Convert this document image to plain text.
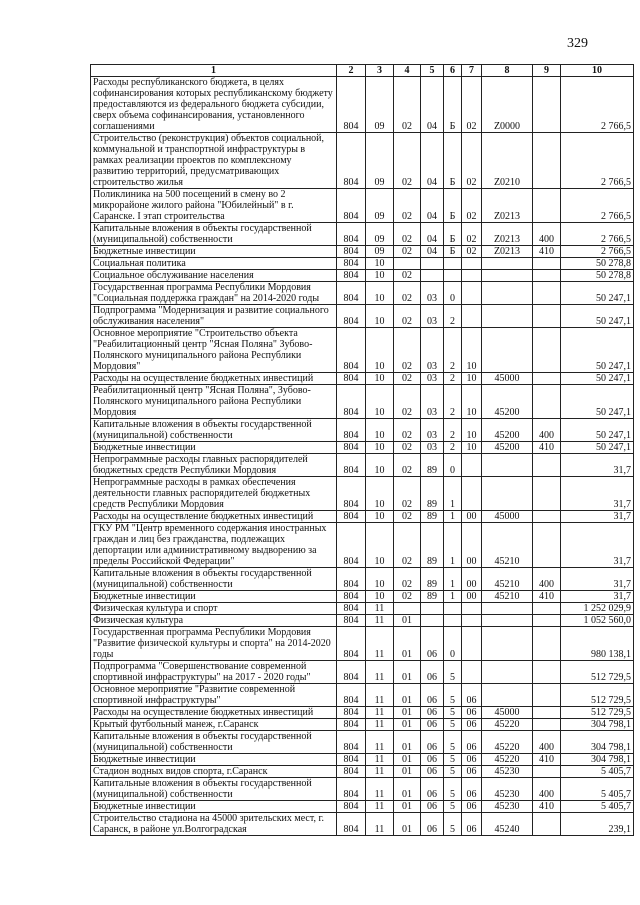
329
1	2	3	4	5	6	7	8	9	10
Расходы республиканского бюджета, в целях софинансирования которых республиканскому бюджету предоставляются из федерального бюджета субсидии, сверх объема софинансирования, установленного соглашениями	804	09	02	04	Б	02	Z0000		2 766,5
Строительство (реконструкция) объектов социальной, коммунальной и транспортной инфраструктуры в рамках реализации проектов по комплексному развитию территорий, предусматривающих строительство жилья	804	09	02	04	Б	02	Z0210		2 766,5
Поликлиника на 500 посещений в смену во 2 микрорайоне жилого района "Юбилейный" в г. Саранске. I этап строительства	804	09	02	04	Б	02	Z0213		2 766,5
Капитальные вложения в объекты государственной (муниципальной) собственности	804	09	02	04	Б	02	Z0213	400	2 766,5
Бюджетные инвестиции	804	09	02	04	Б	02	Z0213	410	2 766,5
Социальная политика	804	10							50 278,8
Социальное обслуживание населения	804	10	02						50 278,8
Государственная программа Республики Мордовия "Социальная поддержка граждан" на 2014-2020 годы	804	10	02	03	0				50 247,1
Подпрограмма "Модернизация и развитие социального обслуживания населения"	804	10	02	03	2				50 247,1
Основное мероприятие "Строительство объекта "Реабилитационный центр "Ясная Поляна" Зубово-Полянского муниципального района Республики Мордовия"	804	10	02	03	2	10			50 247,1
Расходы на осуществление бюджетных инвестиций	804	10	02	03	2	10	45000		50 247,1
Реабилитационный центр "Ясная Поляна", Зубово-Полянского муниципального района Республики Мордовия	804	10	02	03	2	10	45200		50 247,1
Капитальные вложения в объекты государственной (муниципальной) собственности	804	10	02	03	2	10	45200	400	50 247,1
Бюджетные инвестиции	804	10	02	03	2	10	45200	410	50 247,1
Непрограммные расходы главных распорядителей бюджетных средств Республики Мордовия	804	10	02	89	0				31,7
Непрограммные расходы в рамках обеспечения деятельности главных распорядителей бюджетных средств Республики Мордовия	804	10	02	89	1				31,7
Расходы на осуществление бюджетных инвестиций	804	10	02	89	1	00	45000		31,7
ГКУ РМ "Центр временного содержания иностранных граждан и лиц без гражданства, подлежащих депортации или административному выдворению за пределы Российской Федерации"	804	10	02	89	1	00	45210		31,7
Капитальные вложения в объекты государственной (муниципальной) собственности	804	10	02	89	1	00	45210	400	31,7
Бюджетные инвестиции	804	10	02	89	1	00	45210	410	31,7
Физическая культура и спорт	804	11							1 252 029,9
Физическая культура	804	11	01						1 052 560,0
Государственная программа Республики Мордовия "Развитие физической культуры и спорта" на 2014-2020 годы	804	11	01	06	0				980 138,1
Подпрограмма "Совершенствование современной спортивной инфраструктуры" на 2017 - 2020 годы"	804	11	01	06	5				512 729,5
Основное мероприятие "Развитие современной спортивной инфраструктуры"	804	11	01	06	5	06			512 729,5
Расходы на осуществление бюджетных инвестиций	804	11	01	06	5	06	45000		512 729,5
Крытый футбольный манеж, г.Саранск	804	11	01	06	5	06	45220		304 798,1
Капитальные вложения в объекты государственной (муниципальной) собственности	804	11	01	06	5	06	45220	400	304 798,1
Бюджетные инвестиции	804	11	01	06	5	06	45220	410	304 798,1
Стадион водных видов спорта, г.Саранск	804	11	01	06	5	06	45230		5 405,7
Капитальные вложения в объекты государственной (муниципальной) собственности	804	11	01	06	5	06	45230	400	5 405,7
Бюджетные инвестиции	804	11	01	06	5	06	45230	410	5 405,7
Строительство стадиона на 45000 зрительских мест, г. Саранск, в районе ул.Волгоградская	804	11	01	06	5	06	45240		239,1
